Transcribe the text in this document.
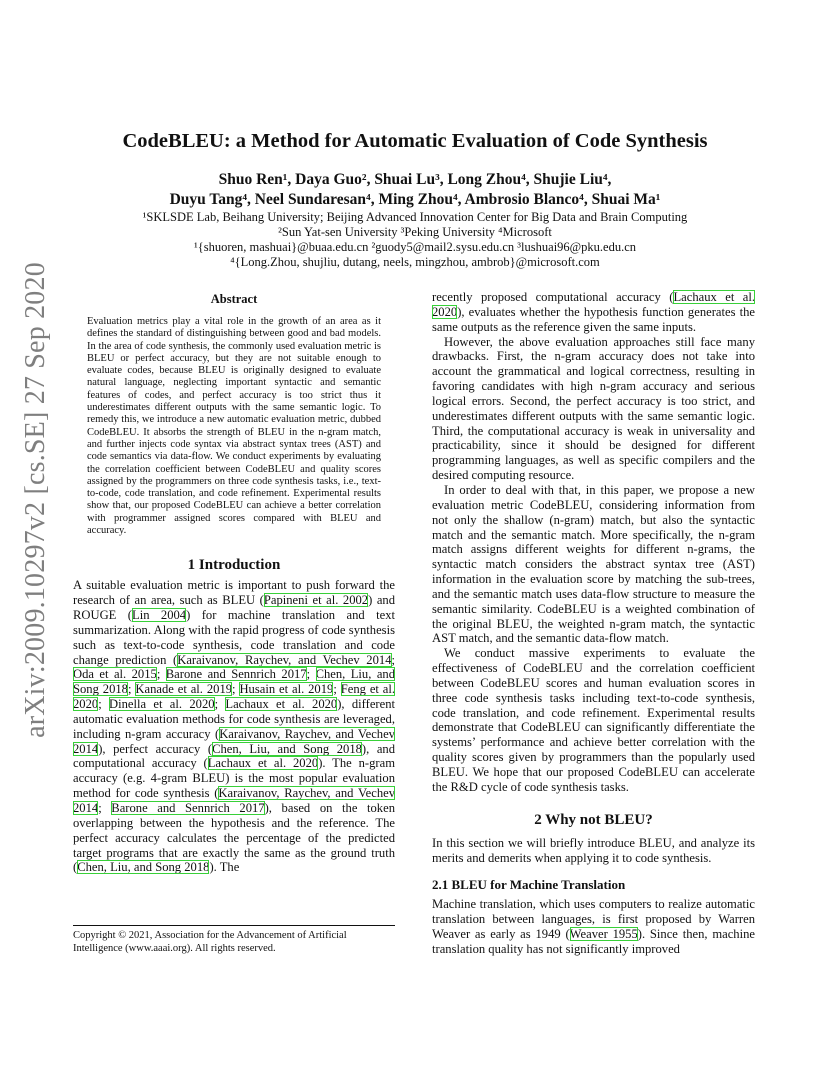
arXiv:2009.10297v2 [cs.SE] 27 Sep 2020
CodeBLEU: a Method for Automatic Evaluation of Code Synthesis
Shuo Ren¹, Daya Guo², Shuai Lu³, Long Zhou⁴, Shujie Liu⁴,
Duyu Tang⁴, Neel Sundaresan⁴, Ming Zhou⁴, Ambrosio Blanco⁴, Shuai Ma¹
¹SKLSDE Lab, Beihang University; Beijing Advanced Innovation Center for Big Data and Brain Computing
²Sun Yat-sen University ³Peking University ⁴Microsoft
¹{shuoren, mashuai}@buaa.edu.cn ²guody5@mail2.sysu.edu.cn ³lushuai96@pku.edu.cn
⁴{Long.Zhou, shujliu, dutang, neels, mingzhou, ambrob}@microsoft.com
Abstract

Evaluation metrics play a vital role in the growth of an area as it defines the standard of distinguishing between good and bad models. In the area of code synthesis, the commonly used evaluation metric is BLEU or perfect accuracy, but they are not suitable enough to evaluate codes, because BLEU is originally designed to evaluate natural language, neglecting important syntactic and semantic features of codes, and perfect accuracy is too strict thus it underestimates different outputs with the same semantic logic. To remedy this, we introduce a new automatic evaluation metric, dubbed CodeBLEU. It absorbs the strength of BLEU in the n-gram match, and further injects code syntax via abstract syntax trees (AST) and code semantics via data-flow. We conduct experiments by evaluating the correlation coefficient between CodeBLEU and quality scores assigned by the programmers on three code synthesis tasks, i.e., text-to-code, code translation, and code refinement. Experimental results show that, our proposed CodeBLEU can achieve a better correlation with programmer assigned scores compared with BLEU and accuracy.

1 Introduction

A suitable evaluation metric is important to push forward the research of an area, such as BLEU (Papineni et al. 2002) and ROUGE (Lin 2004) for machine translation and text summarization. Along with the rapid progress of code synthesis such as text-to-code synthesis, code translation and code change prediction (Karaivanov, Raychev, and Vechev 2014; Oda et al. 2015; Barone and Sennrich 2017; Chen, Liu, and Song 2018; Kanade et al. 2019; Husain et al. 2019; Feng et al. 2020; Dinella et al. 2020; Lachaux et al. 2020), different automatic evaluation methods for code synthesis are leveraged, including n-gram accuracy (Karaivanov, Raychev, and Vechev 2014), perfect accuracy (Chen, Liu, and Song 2018), and computational accuracy (Lachaux et al. 2020). The n-gram accuracy (e.g. 4-gram BLEU) is the most popular evaluation method for code synthesis (Karaivanov, Raychev, and Vechev 2014; Barone and Sennrich 2017), based on the token overlapping between the hypothesis and the reference. The perfect accuracy calculates the percentage of the predicted target programs that are exactly the same as the ground truth (Chen, Liu, and Song 2018). The

Copyright © 2021, Association for the Advancement of Artificial Intelligence (www.aaai.org). All rights reserved.

recently proposed computational accuracy (Lachaux et al. 2020), evaluates whether the hypothesis function generates the same outputs as the reference given the same inputs.

However, the above evaluation approaches still face many drawbacks. First, the n-gram accuracy does not take into account the grammatical and logical correctness, resulting in favoring candidates with high n-gram accuracy and serious logical errors. Second, the perfect accuracy is too strict, and underestimates different outputs with the same semantic logic. Third, the computational accuracy is weak in universality and practicability, since it should be designed for different programming languages, as well as specific compilers and the desired computing resource.

In order to deal with that, in this paper, we propose a new evaluation metric CodeBLEU, considering information from not only the shallow (n-gram) match, but also the syntactic match and the semantic match. More specifically, the n-gram match assigns different weights for different n-grams, the syntactic match considers the abstract syntax tree (AST) information in the evaluation score by matching the sub-trees, and the semantic match uses data-flow structure to measure the semantic similarity. CodeBLEU is a weighted combination of the original BLEU, the weighted n-gram match, the syntactic AST match, and the semantic data-flow match.

We conduct massive experiments to evaluate the effectiveness of CodeBLEU and the correlation coefficient between CodeBLEU scores and human evaluation scores in three code synthesis tasks including text-to-code synthesis, code translation, and code refinement. Experimental results demonstrate that CodeBLEU can significantly differentiate the systems’ performance and achieve better correlation with the quality scores given by programmers than the popularly used BLEU. We hope that our proposed CodeBLEU can accelerate the R&D cycle of code synthesis tasks.

2 Why not BLEU?

In this section we will briefly introduce BLEU, and analyze its merits and demerits when applying it to code synthesis.

2.1 BLEU for Machine Translation

Machine translation, which uses computers to realize automatic translation between languages, is first proposed by Warren Weaver as early as 1949 (Weaver 1955). Since then, machine translation quality has not significantly improved
